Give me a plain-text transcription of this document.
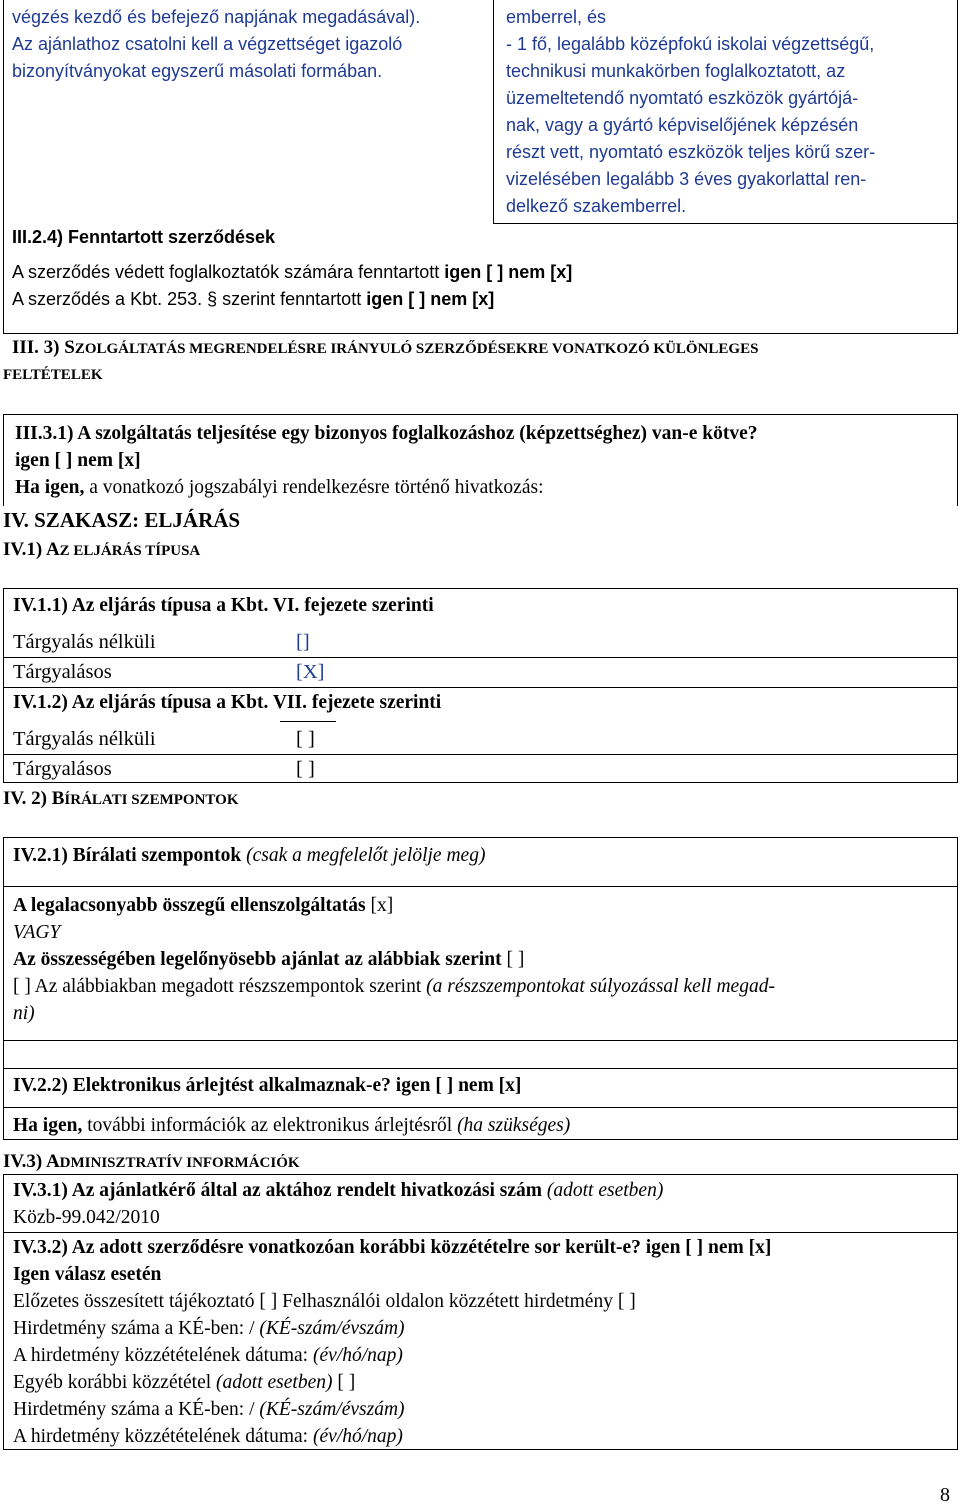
végzés kezdő és befejező napjának megadásával).
Az ajánlathoz csatolni kell a végzettséget igazoló
bizonyítványokat egyszerű másolati formában.
emberrel, és
- 1 fő, legalább középfokú iskolai végzettségű,
technikusi munkakörben foglalkoztatott, az
üzemeltetendő nyomtató eszközök gyártójá-
nak, vagy a gyártó képviselőjének képzésén
részt vett, nyomtató eszközök teljes körű szer-
vizelésében legalább 3 éves gyakorlattal ren-
delkező szakemberrel.
III.2.4) Fenntartott szerződések
A szerződés védett foglalkoztatók számára fenntartott igen [ ] nem [x]
A szerződés a Kbt. 253. § szerint fenntartott igen [ ] nem [x]
III. 3) SZOLGÁLTATÁS MEGRENDELÉSRE IRÁNYULÓ SZERZŐDÉSEKRE VONATKOZÓ KÜLÖNLEGES
FELTÉTELEK
III.3.1) A szolgáltatás teljesítése egy bizonyos foglalkozáshoz (képzettséghez) van-e kötve?
igen [ ] nem [x]
Ha igen, a vonatkozó jogszabályi rendelkezésre történő hivatkozás:
IV. SZAKASZ: ELJÁRÁS
IV.1) AZ ELJÁRÁS TÍPUSA
IV.1.1) Az eljárás típusa a Kbt. VI. fejezete szerinti
Tárgyalás nélküli	[]
Tárgyalásos	[X]
IV.1.2) Az eljárás típusa a Kbt. VII. fejezete szerinti
Tárgyalás nélküli	[ ]
Tárgyalásos	[ ]
IV. 2) BÍRÁLATI SZEMPONTOK
IV.2.1) Bírálati szempontok (csak a megfelelőt jelölje meg)
A legalacsonyabb összegű ellenszolgáltatás [x]
VAGY
Az összességében legelőnyösebb ajánlat az alábbiak szerint [ ]
[ ] Az alábbiakban megadott részszempontok szerint (a részszempontokat súlyozással kell megad-
ni)
IV.2.2) Elektronikus árlejtést alkalmaznak-e? igen [ ] nem [x]
Ha igen, további információk az elektronikus árlejtésről (ha szükséges)
IV.3) ADMINISZTRATÍV INFORMÁCIÓK
IV.3.1) Az ajánlatkérő által az aktához rendelt hivatkozási szám (adott esetben)
Közb-99.042/2010
IV.3.2) Az adott szerződésre vonatkozóan korábbi közzétételre sor került-e? igen [ ] nem [x]
Igen válasz esetén
Előzetes összesített tájékoztató [ ] Felhasználói oldalon közzétett hirdetmény [ ]
Hirdetmény száma a KÉ-ben: / (KÉ-szám/évszám)
A hirdetmény közzétételének dátuma: (év/hó/nap)
Egyéb korábbi közzététel (adott esetben) [ ]
Hirdetmény száma a KÉ-ben: / (KÉ-szám/évszám)
A hirdetmény közzétételének dátuma: (év/hó/nap)
8
